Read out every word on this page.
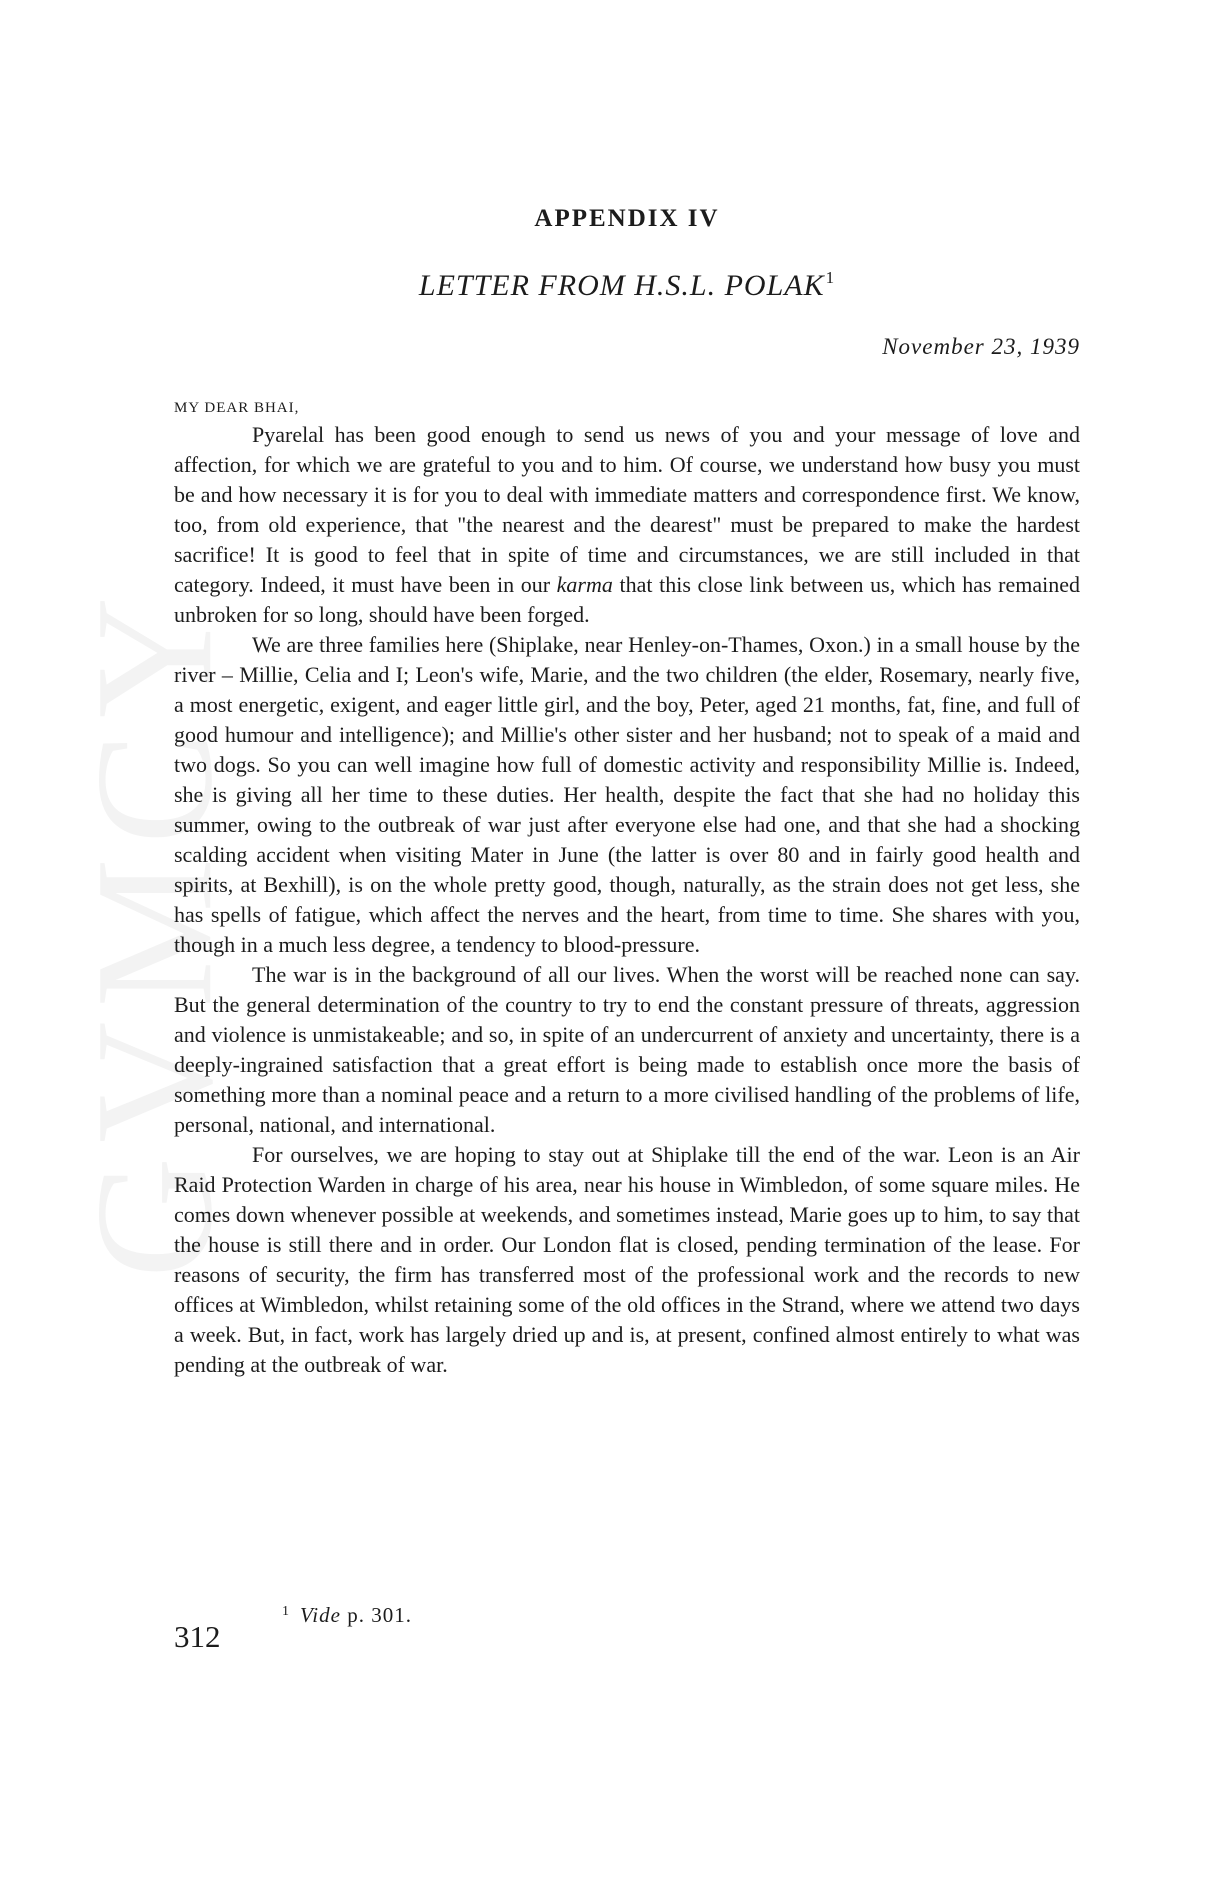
GVMCY
APPENDIX IV
LETTER FROM H.S.L. POLAK$^1$
November 23, 1939
MY DEAR BHAI,

Pyarelal has been good enough to send us news of you and your message of love and affection, for which we are grateful to you and to him. Of course, we understand how busy you must be and how necessary it is for you to deal with immediate matters and correspondence first. We know, too, from old experience, that "the nearest and the dearest" must be prepared to make the hardest sacrifice! It is good to feel that in spite of time and circumstances, we are still included in that category. Indeed, it must have been in our karma that this close link between us, which has remained unbroken for so long, should have been forged.

We are three families here (Shiplake, near Henley-on-Thames, Oxon.) in a small house by the river – Millie, Celia and I; Leon's wife, Marie, and the two children (the elder, Rosemary, nearly five, a most energetic, exigent, and eager little girl, and the boy, Peter, aged 21 months, fat, fine, and full of good humour and intelligence); and Millie's other sister and her husband; not to speak of a maid and two dogs. So you can well imagine how full of domestic activity and responsibility Millie is. Indeed, she is giving all her time to these duties. Her health, despite the fact that she had no holiday this summer, owing to the outbreak of war just after everyone else had one, and that she had a shocking scalding accident when visiting Mater in June (the latter is over 80 and in fairly good health and spirits, at Bexhill), is on the whole pretty good, though, naturally, as the strain does not get less, she has spells of fatigue, which affect the nerves and the heart, from time to time. She shares with you, though in a much less degree, a tendency to blood-pressure.

The war is in the background of all our lives. When the worst will be reached none can say. But the general determination of the country to try to end the constant pressure of threats, aggression and violence is unmistakeable; and so, in spite of an undercurrent of anxiety and uncertainty, there is a deeply-ingrained satisfaction that a great effort is being made to establish once more the basis of something more than a nominal peace and a return to a more civilised handling of the problems of life, personal, national, and international.

For ourselves, we are hoping to stay out at Shiplake till the end of the war. Leon is an Air Raid Protection Warden in charge of his area, near his house in Wimbledon, of some square miles. He comes down whenever possible at weekends, and sometimes instead, Marie goes up to him, to say that the house is still there and in order. Our London flat is closed, pending termination of the lease. For reasons of security, the firm has transferred most of the professional work and the records to new offices at Wimbledon, whilst retaining some of the old offices in the Strand, where we attend two days a week. But, in fact, work has largely dried up and is, at present, confined almost entirely to what was pending at the outbreak of war.

$^1$ Vide p. 301.
312
